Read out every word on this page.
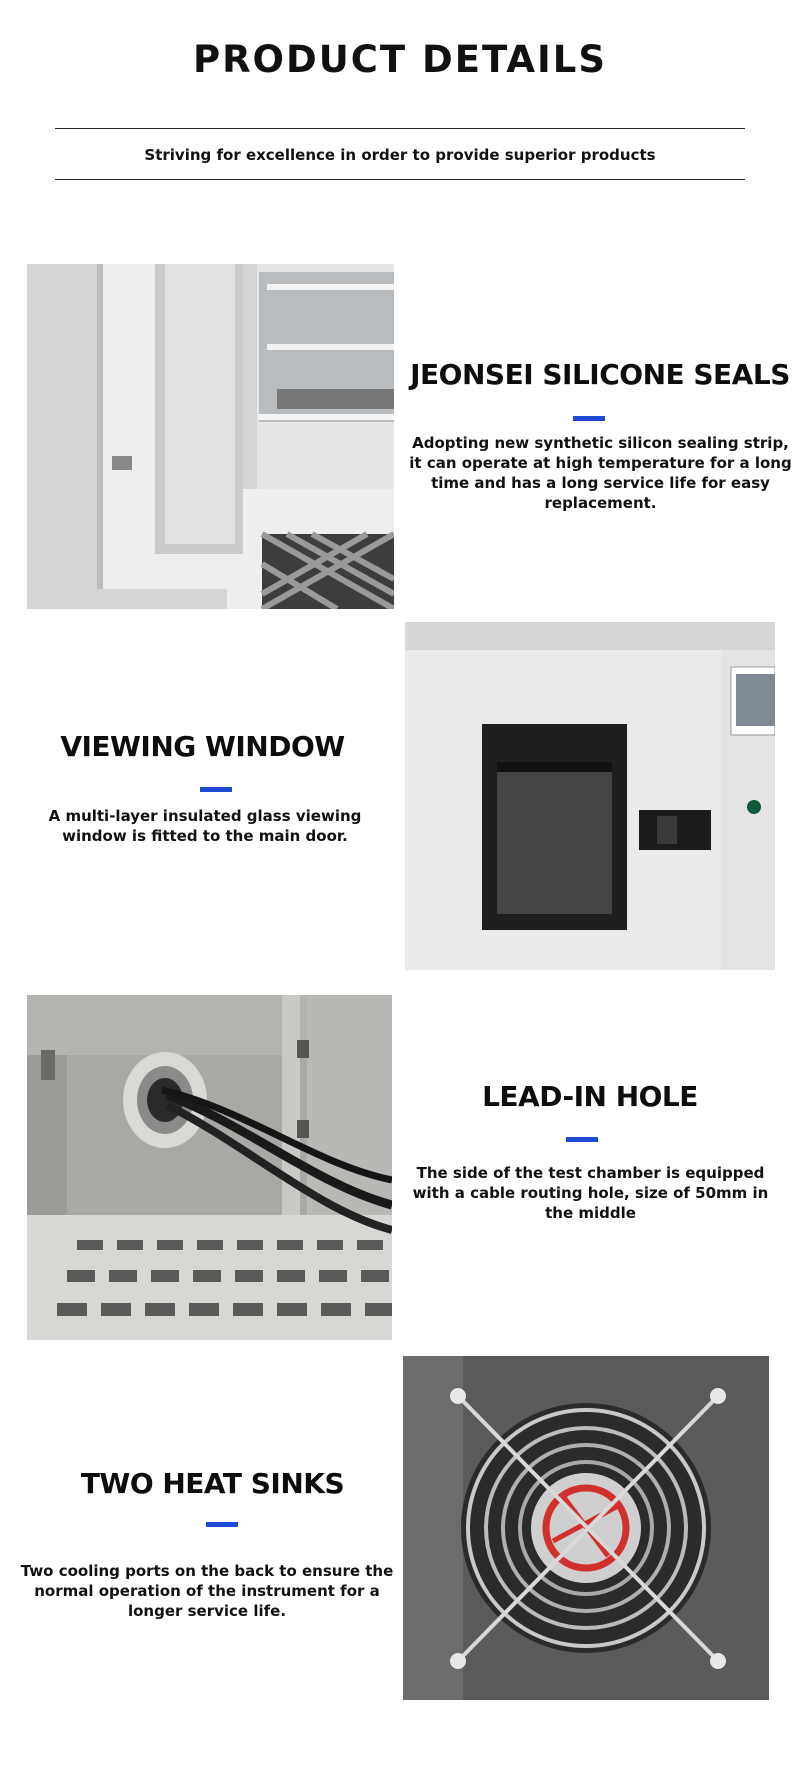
PRODUCT DETAILS
Striving for excellence in order to provide superior products
JEONSEI SILICONE SEALS
Adopting new synthetic silicon sealing strip, it can operate at high temperature for a long time and has a long service life for easy replacement.
VIEWING WINDOW
A multi-layer insulated glass viewing window is fitted to the main door.
LEAD-IN HOLE
The side of the test chamber is equipped with a cable routing hole, size of 50mm in the middle
TWO HEAT SINKS
Two cooling ports on the back to ensure the normal operation of the instrument for a longer service life.
